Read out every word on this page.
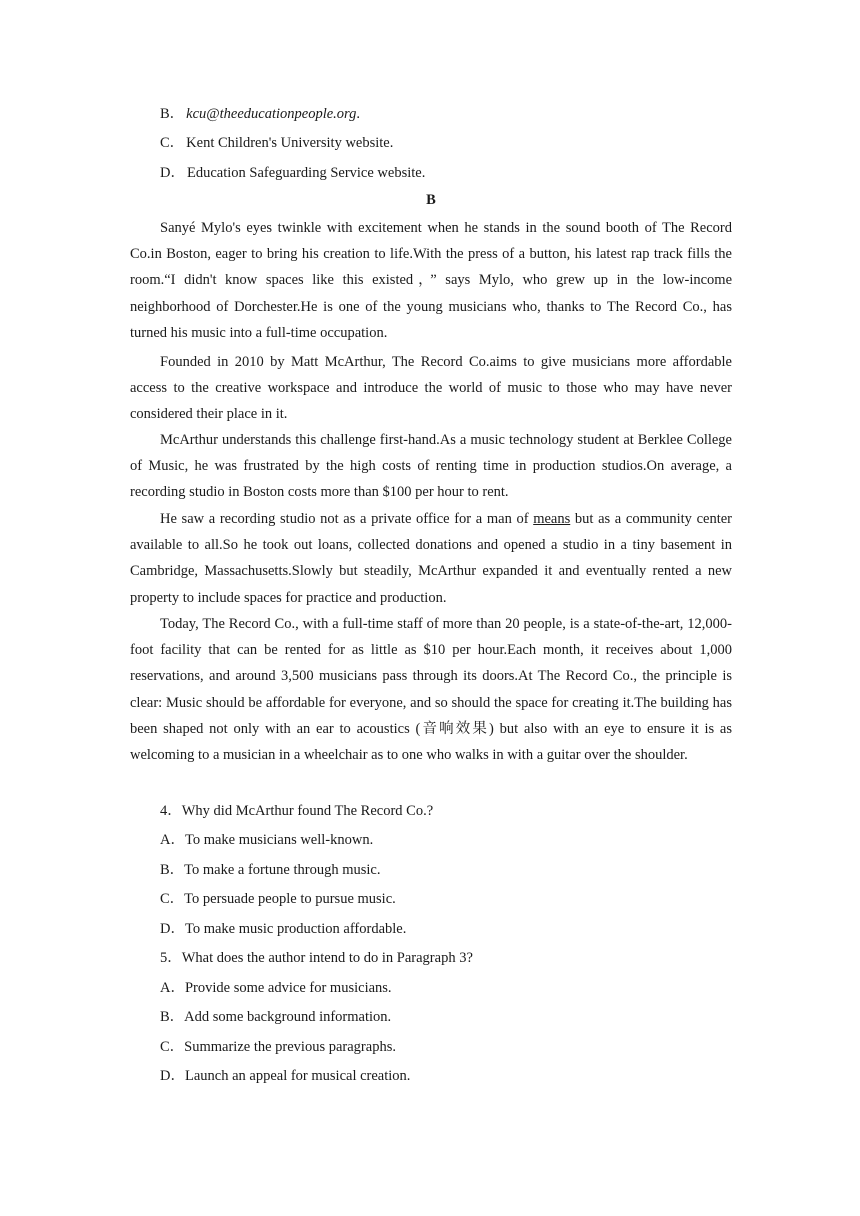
B． kcu@theeducationpeople.org.
C． Kent Children's University website.
D． Education Safeguarding Service website.
B

Sanyé Mylo's eyes twinkle with excitement when he stands in the sound booth of The Record Co.in Boston, eager to bring his creation to life.With the press of a button, his latest rap track fills the room.“I didn't know spaces like this existed，” says Mylo, who grew up in the low-income neighborhood of Dorchester.He is one of the young musicians who, thanks to The Record Co., has turned his music into a full-time occupation.

Founded in 2010 by Matt McArthur, The Record Co.aims to give musicians more affordable access to the creative workspace and introduce the world of music to those who may have never considered their place in it.

McArthur understands this challenge first-hand.As a music technology student at Berklee College of Music, he was frustrated by the high costs of renting time in production studios.On average, a recording studio in Boston costs more than $100 per hour to rent.

He saw a recording studio not as a private office for a man of means but as a community center available to all.So he took out loans, collected donations and opened a studio in a tiny basement in Cambridge, Massachusetts.Slowly but steadily, McArthur expanded it and eventually rented a new property to include spaces for practice and production.

Today, The Record Co., with a full-time staff of more than 20 people, is a state-of-the-art, 12,000-foot facility that can be rented for as little as $10 per hour.Each month, it receives about 1,000 reservations, and around 3,500 musicians pass through its doors.At The Record Co., the principle is clear: Music should be affordable for everyone, and so should the space for creating it.The building has been shaped not only with an ear to acoustics (音响效果) but also with an eye to ensure it is as welcoming to a musician in a wheelchair as to one who walks in with a guitar over the shoulder.

4．Why did McArthur found The Record Co.?
A．To make musicians well-known.
B．To make a fortune through music.
C．To persuade people to pursue music.
D．To make music production affordable.
5．What does the author intend to do in Paragraph 3?
A．Provide some advice for musicians.
B．Add some background information.
C．Summarize the previous paragraphs.
D．Launch an appeal for musical creation.
